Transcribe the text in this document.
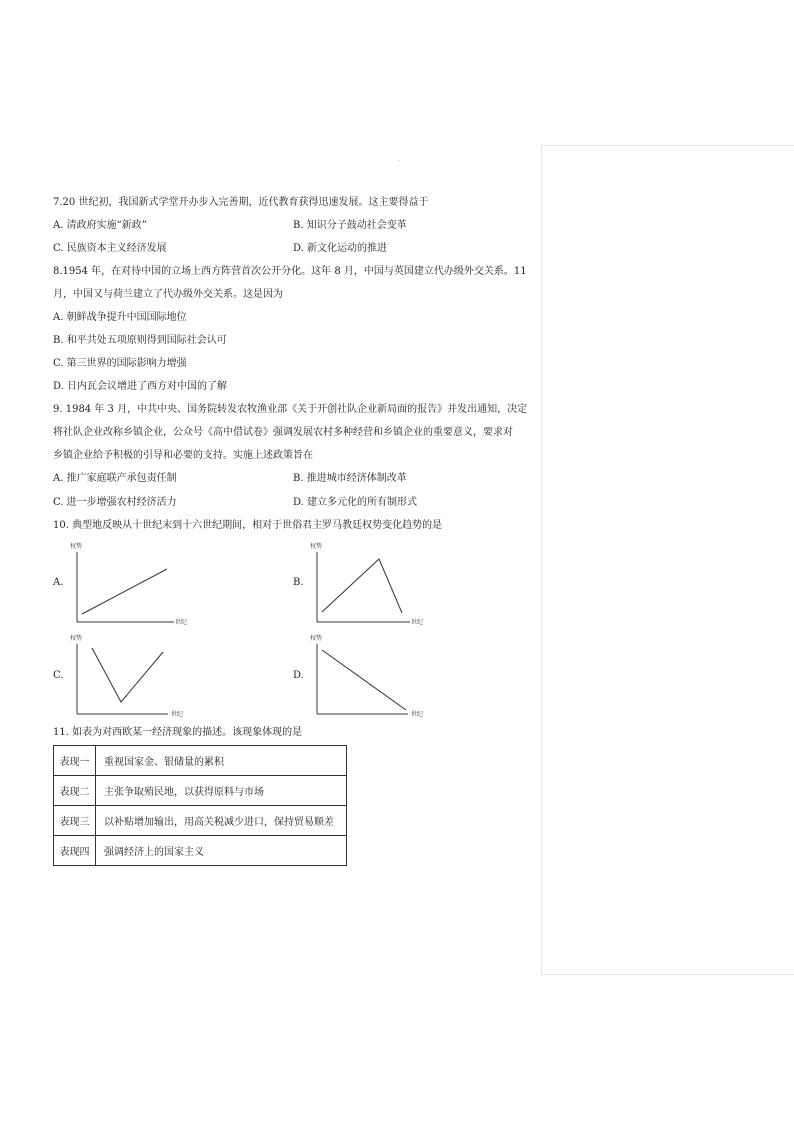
·
7.20 世纪初，我国新式学堂开办步入完善期，近代教育获得迅速发展。这主要得益于
A. 清政府实施“新政”	B. 知识分子鼓动社会变革
C. 民族资本主义经济发展	D. 新文化运动的推进
8.1954 年，在对待中国的立场上西方阵营首次公开分化。这年 8 月，中国与英国建立代办级外交关系。11
月，中国又与荷兰建立了代办级外交关系。这是因为
A. 朝鲜战争提升中国国际地位
B. 和平共处五项原则得到国际社会认可
C. 第三世界的国际影响力增强
D. 日内瓦会议增进了西方对中国的了解
9. 1984 年 3 月，中共中央、国务院转发农牧渔业部《关于开创社队企业新局面的报告》并发出通知，决定
将社队企业改称乡镇企业，公众号《高中借试卷》强调发展农村多种经营和乡镇企业的重要意义，要求对
乡镇企业给予积极的引导和必要的支持。实施上述政策旨在
A. 推广家庭联产承包责任制	B. 推进城市经济体制改革
C. 进一步增强农村经济活力	D. 建立多元化的所有制形式
10. 典型地反映从十世纪末到十六世纪期间，相对于世俗君主罗马教廷权势变化趋势的是
A.
权势
世纪
B.
权势
世纪
C.
权势
世纪
D.
权势
世纪
11. 如表为对西欧某一经济现象的描述。该现象体现的是
表现一	重视国家金、银储量的累积
表现二	主张争取殖民地，以获得原料与市场
表现三	以补贴增加输出，用高关税减少进口，保持贸易顺差
表现四	强调经济上的国家主义
